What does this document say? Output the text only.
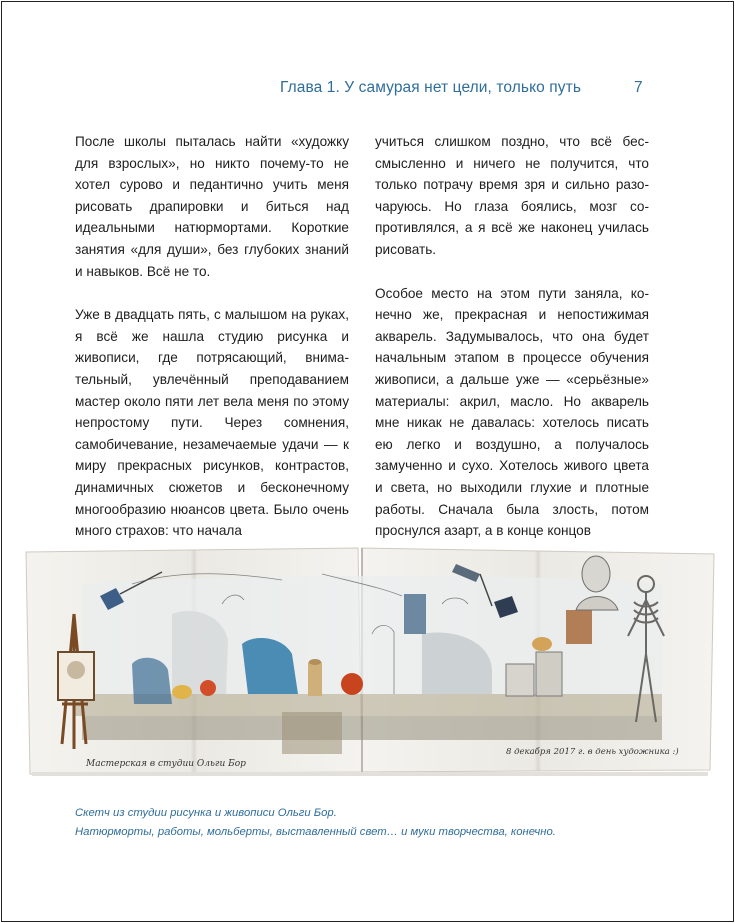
Глава 1. У самурая нет цели, только путь	7

После школы пыталась найти «художку для взрослых», но никто почему-то не хотел сурово и педантично учить меня рисовать драпировки и биться над идеальными натюрмортами. Короткие занятия «для души», без глубоких знаний и навыков. Всё не то.

Уже в двадцать пять, с малышом на руках, я всё же нашла студию рисунка и живописи, где потрясающий, внимательный, увлечённый преподаванием мастер около пяти лет вела меня по этому непростому пути. Через сомнения, самобичевание, незамечаемые удачи — к миру прекрасных рисунков, контрастов, динамичных сюжетов и бесконечному многообразию нюансов цвета. Было очень много страхов: что начала

учиться слишком поздно, что всё бессмысленно и ничего не получится, что только потрачу время зря и сильно разочаруюсь. Но глаза боялись, мозг сопротивлялся, а я всё же наконец училась рисовать.

Особое место на этом пути заняла, конечно же, прекрасная и непостижимая акварель. Задумывалось, что она будет начальным этапом в процессе обучения живописи, а дальше уже — «серьёзные» материалы: акрил, масло. Но акварель мне никак не давалась: хотелось писать ею легко и воздушно, а получалось замученно и сухо. Хотелось живого цвета и света, но выходили глухие и плотные работы. Сначала была злость, потом проснулся азарт, а в конце концов

Мастерская в студии Ольги Бор
8 декабря 2017 г. в день художника :)
Скетч из студии рисунка и живописи Ольги Бор.
Натюрморты, работы, мольберты, выставленный свет… и муки творчества, конечно.
